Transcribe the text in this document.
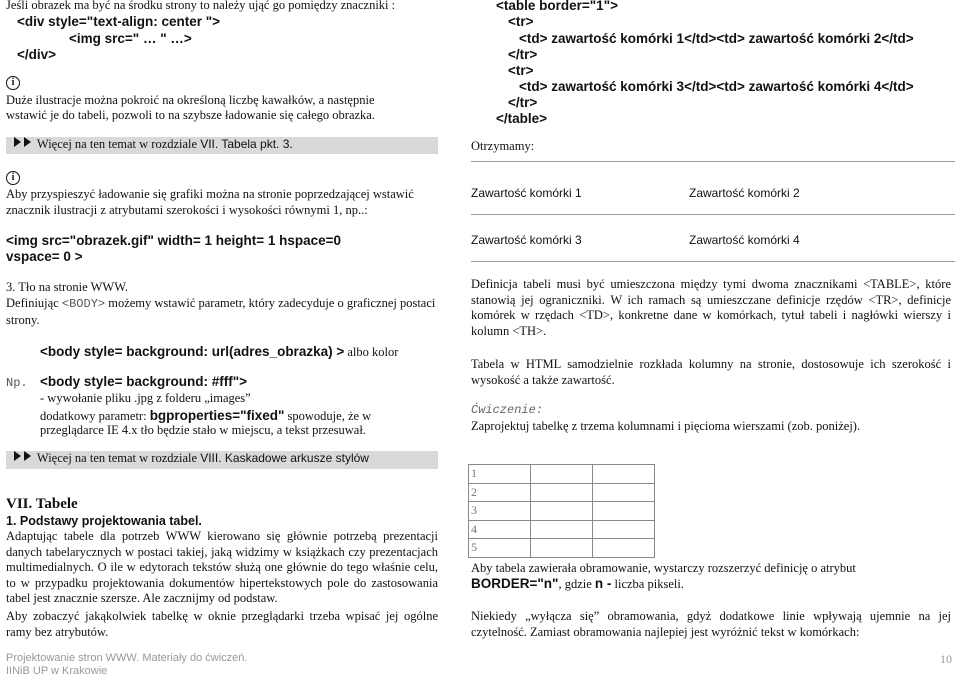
Jeśli obrazek ma być na środku strony to należy ująć go pomiędzy znaczniki :
<div style="text-align: center ">
<img src=" … " …>
</div>
i
Duże ilustracje można pokroić na określoną liczbę kawałków, a następnie
wstawić je do tabeli, pozwoli to na szybsze ładowanie się całego obrazka.
Więcej na ten temat w rozdziale VII. Tabela pkt. 3.
i
Aby przyspieszyć ładowanie się grafiki można na stronie poprzedzającej wstawić znacznik ilustracji z atrybutami szerokości i wysokości równymi 1, np..:
<img src="obrazek.gif" width= 1 height= 1 hspace=0
vspace= 0 >
3. Tło na stronie WWW.
Definiując <BODY> możemy wstawić parametr, który zadecyduje o graficznej postaci strony.
<body style= background: url(adres_obrazka) > albo kolor
Np. <body style= background: #fff">
- wywołanie pliku .jpg z folderu „images”
dodatkowy parametr: bgproperties="fixed" spowoduje, że w
przeglądarce IE 4.x tło będzie stało w miejscu, a tekst przesuwał.
Więcej na ten temat w rozdziale VIII. Kaskadowe arkusze stylów
VII. Tabele
1. Podstawy projektowania tabel.
Adaptując tabele dla potrzeb WWW kierowano się głównie potrzebą prezentacji danych tabelarycznych w postaci takiej, jaką widzimy w książkach czy prezentacjach multimedialnych. O ile w edytorach tekstów służą one głównie do tego właśnie celu, to w przypadku projektowania dokumentów hipertekstowych pole do zastosowania tabel jest znacznie szersze. Ale zacznijmy od podstaw.
Aby zobaczyć jakąkolwiek tabelkę w oknie przeglądarki trzeba wpisać jej ogólne ramy bez atrybutów.
Projektowanie stron WWW. Materiały do ćwiczeń.
IINiB UP w Krakowie
<table border="1">
<tr>
<td> zawartość komórki 1</td><td> zawartość komórki 2</td>
</tr>
<tr>
<td> zawartość komórki 3</td><td> zawartość komórki 4</td>
</tr>
</table>
Otrzymamy:
Zawartość komórki 1	Zawartość komórki 2
Zawartość komórki 3	Zawartość komórki 4
Definicja tabeli musi być umieszczona między tymi dwoma znacznikami <TABLE>, które stanowią jej ograniczniki. W ich ramach są umieszczane definicje rzędów <TR>, definicje komórek w rzędach <TD>, konkretne dane w komórkach, tytuł tabeli i nagłówki wierszy i kolumn <TH>.
Tabela w HTML samodzielnie rozkłada kolumny na stronie, dostosowuje ich szerokość i wysokość a także zawartość.
Ćwiczenie:
Zaprojektuj tabelkę z trzema kolumnami i pięcioma wierszami (zob. poniżej).
1		
2		
3		
4		
5		
Aby tabela zawierała obramowanie, wystarczy rozszerzyć definicję o atrybut
BORDER="n", gdzie n - liczba pikseli.
Niekiedy „wyłącza się” obramowania, gdyż dodatkowe linie wpływają ujemnie na jej czytelność. Zamiast obramowania najlepiej jest wyróżnić tekst w komórkach:
10
